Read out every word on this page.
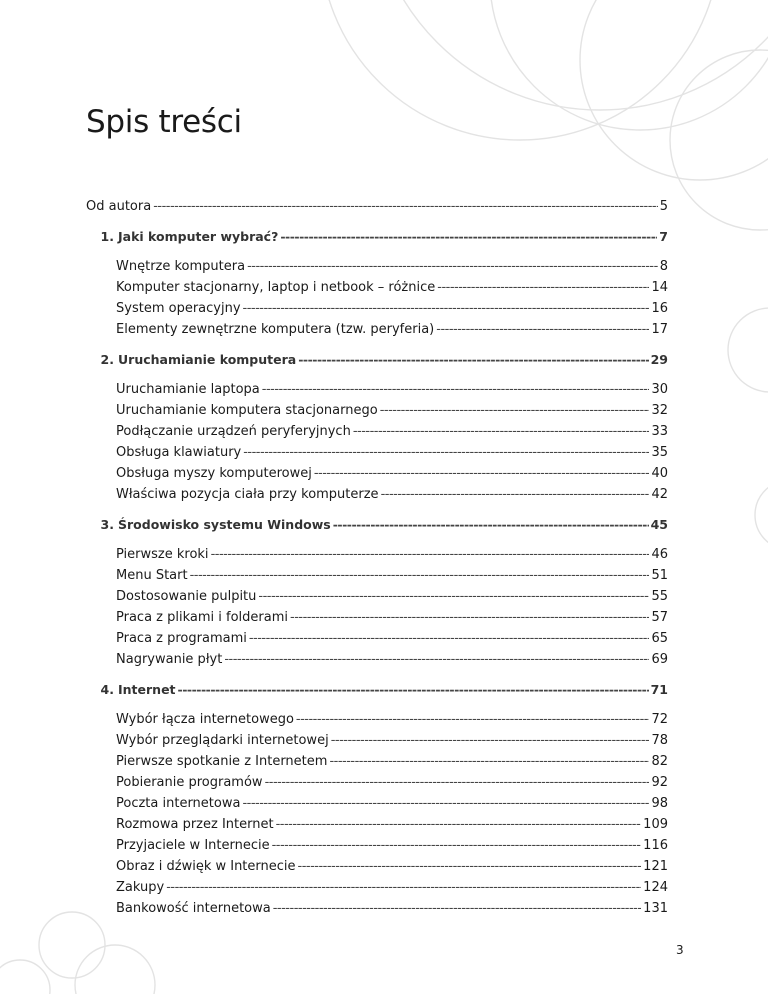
Spis treści
Od autora -----	5
1. Jaki komputer wybrać? -----	7
Wnętrze komputera -----	8
Komputer stacjonarny, laptop i netbook – różnice -----	14
System operacyjny -----	16
Elementy zewnętrzne komputera (tzw. peryferia) -----	17
2. Uruchamianie komputera -----	29
Uruchamianie laptopa -----	30
Uruchamianie komputera stacjonarnego -----	32
Podłączanie urządzeń peryferyjnych -----	33
Obsługa klawiatury -----	35
Obsługa myszy komputerowej -----	40
Właściwa pozycja ciała przy komputerze -----	42
3. Środowisko systemu Windows -----	45
Pierwsze kroki -----	46
Menu Start -----	51
Dostosowanie pulpitu -----	55
Praca z plikami i folderami -----	57
Praca z programami -----	65
Nagrywanie płyt -----	69
4. Internet -----	71
Wybór łącza internetowego -----	72
Wybór przeglądarki internetowej -----	78
Pierwsze spotkanie z Internetem -----	82
Pobieranie programów -----	92
Poczta internetowa -----	98
Rozmowa przez Internet -----	109
Przyjaciele w Internecie -----	116
Obraz i dźwięk w Internecie -----	121
Zakupy -----	124
Bankowość internetowa -----	131
3
